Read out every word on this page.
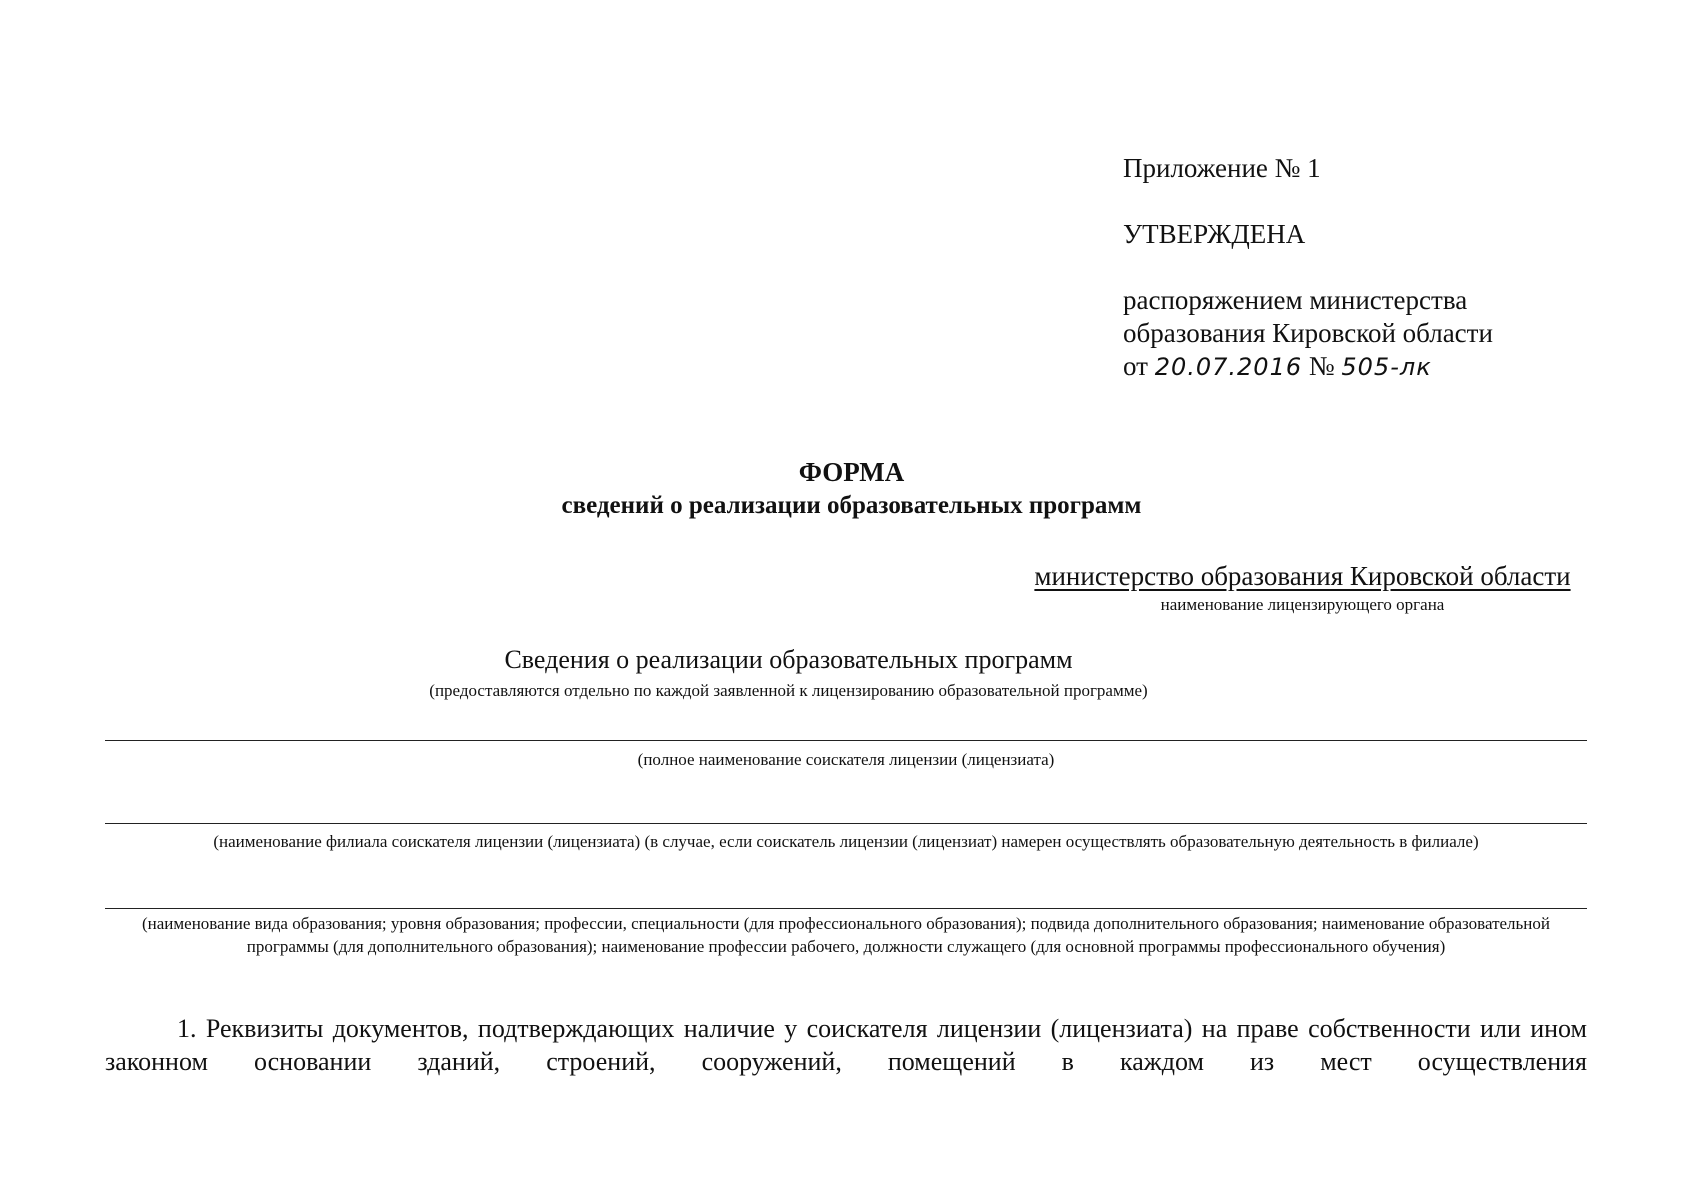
Приложение № 1
УТВЕРЖДЕНА
распоряжением министерства
образования Кировской области
от 20.07.2016 № 505-лк
ФОРМА
сведений о реализации образовательных программ
министерство образования Кировской области
наименование лицензирующего органа
Сведения о реализации образовательных программ
(предоставляются отдельно по каждой заявленной к лицензированию образовательной программе)
(полное наименование соискателя лицензии (лицензиата)
(наименование филиала соискателя лицензии (лицензиата) (в случае, если соискатель лицензии (лицензиат) намерен осуществлять образовательную деятельность в филиале)
(наименование вида образования; уровня образования; профессии, специальности (для профессионального образования); подвида дополнительного образования; наименование образовательной программы (для дополнительного образования); наименование профессии рабочего, должности служащего (для основной программы профессионального обучения)
1. Реквизиты документов, подтверждающих наличие у соискателя лицензии (лицензиата) на праве собственности или ином законном основании зданий, строений, сооружений, помещений в каждом из мест осуществления
